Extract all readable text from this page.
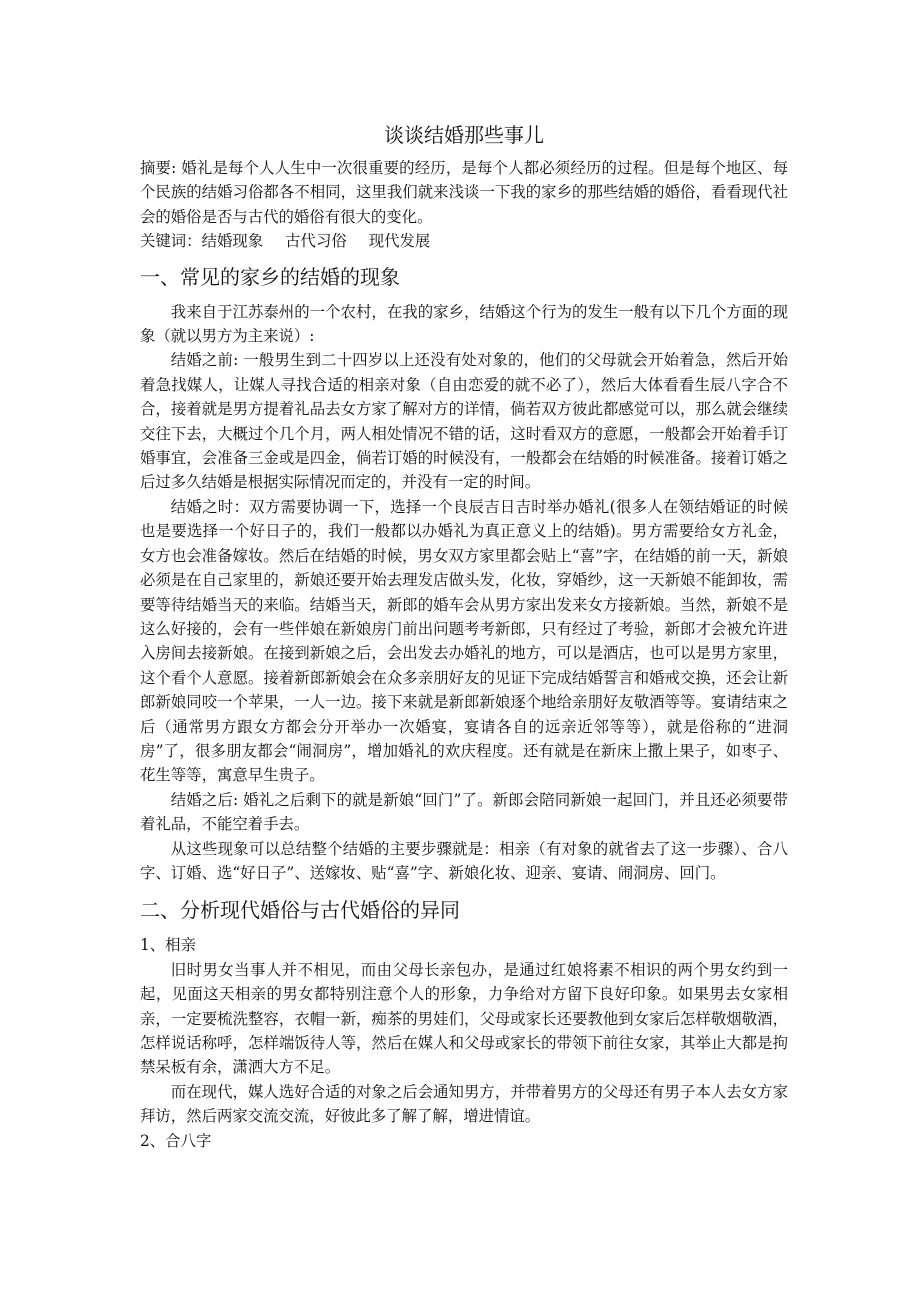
谈谈结婚那些事儿

摘要: 婚礼是每个人人生中一次很重要的经历，是每个人都必须经历的过程。但是每个地区、每个民族的结婚习俗都各不相同，这里我们就来浅谈一下我的家乡的那些结婚的婚俗，看看现代社会的婚俗是否与古代的婚俗有很大的变化。

关键词：结婚现象 古代习俗 现代发展

一、常见的家乡的结婚的现象

我来自于江苏泰州的一个农村，在我的家乡，结婚这个行为的发生一般有以下几个方面的现象（就以男方为主来说）:

结婚之前: 一般男生到二十四岁以上还没有处对象的，他们的父母就会开始着急，然后开始着急找媒人，让媒人寻找合适的相亲对象（自由恋爱的就不必了），然后大体看看生辰八字合不合，接着就是男方提着礼品去女方家了解对方的详情，倘若双方彼此都感觉可以，那么就会继续交往下去，大概过个几个月，两人相处情况不错的话，这时看双方的意愿，一般都会开始着手订婚事宜，会准备三金或是四金，倘若订婚的时候没有，一般都会在结婚的时候准备。接着订婚之后过多久结婚是根据实际情况而定的，并没有一定的时间。

结婚之时：双方需要协调一下，选择一个良辰吉日吉时举办婚礼(很多人在领结婚证的时候也是要选择一个好日子的，我们一般都以办婚礼为真正意义上的结婚)。男方需要给女方礼金，女方也会准备嫁妆。然后在结婚的时候，男女双方家里都会贴上“喜”字，在结婚的前一天，新娘必须是在自己家里的，新娘还要开始去理发店做头发，化妆，穿婚纱，这一天新娘不能卸妆，需要等待结婚当天的来临。结婚当天，新郎的婚车会从男方家出发来女方接新娘。当然，新娘不是这么好接的，会有一些伴娘在新娘房门前出问题考考新郎，只有经过了考验，新郎才会被允许进入房间去接新娘。在接到新娘之后，会出发去办婚礼的地方，可以是酒店，也可以是男方家里，这个看个人意愿。接着新郎新娘会在众多亲朋好友的见证下完成结婚誓言和婚戒交换，还会让新郎新娘同咬一个苹果，一人一边。接下来就是新郎新娘逐个地给亲朋好友敬酒等等。宴请结束之后（通常男方跟女方都会分开举办一次婚宴，宴请各自的远亲近邻等等），就是俗称的“进洞房”了，很多朋友都会“闹洞房”，增加婚礼的欢庆程度。还有就是在新床上撒上果子，如枣子、花生等等，寓意早生贵子。

结婚之后: 婚礼之后剩下的就是新娘“回门”了。新郎会陪同新娘一起回门，并且还必须要带着礼品，不能空着手去。

从这些现象可以总结整个结婚的主要步骤就是：相亲（有对象的就省去了这一步骤）、合八字、订婚、选“好日子”、送嫁妆、贴“喜”字、新娘化妆、迎亲、宴请、闹洞房、回门。

二、分析现代婚俗与古代婚俗的异同

1、相亲

旧时男女当事人并不相见，而由父母长亲包办，是通过红娘将素不相识的两个男女约到一起，见面这天相亲的男女都特别注意个人的形象，力争给对方留下良好印象。如果男去女家相亲，一定要梳洗整容，衣帽一新，痴茶的男娃们，父母或家长还要教他到女家后怎样敬烟敬酒，怎样说话称呼，怎样端饭待人等，然后在媒人和父母或家长的带领下前往女家，其举止大都是拘禁呆板有余，潇洒大方不足。

而在现代，媒人选好合适的对象之后会通知男方，并带着男方的父母还有男子本人去女方家拜访，然后两家交流交流，好彼此多了解了解，增进情谊。

2、合八字
